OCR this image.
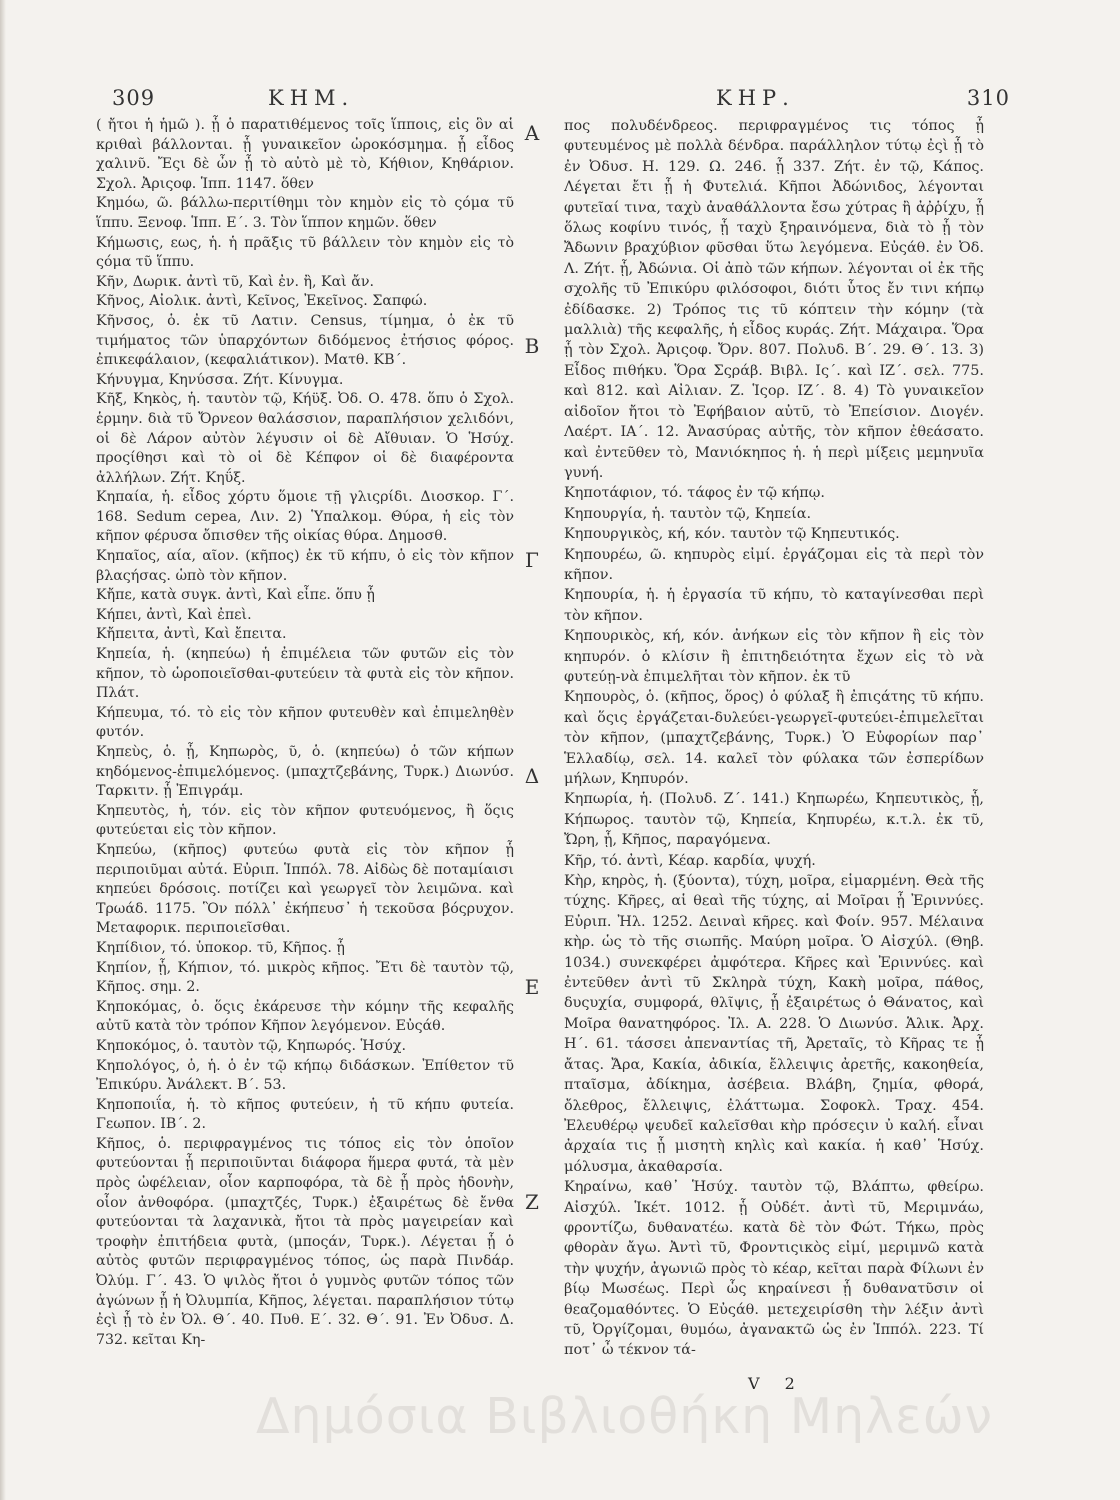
309	ΚΗΜ.	ΚΗΡ.	310

( ἤτοι ἡ ἡμῶ ). ᾗ ὁ παρατιθέμενος τοῖς ἵπποις, εἰς ὃν αἱ κριθαὶ βάλλονται. ᾗ γυναικεῖον ὠροκόσμημα. ᾗ εἶδος χαλινῦ. Ἔςι δὲ ὦν ᾗ τὸ αὐτὸ μὲ τὸ, Κήθιον, Κηθάριον. Σχολ. Ἀριςοφ. Ἱππ. 1147. ὅθεν

Κημόω, ῶ. βάλλω-περιτίθημι τὸν κημὸν εἰς τὸ ςόμα τῦ ἵππυ. Ξενοφ. Ἱππ. Ε΄. 3. Τὸν ἵππον κημῶν. ὅθεν

Κήμωσις, εως, ἡ. ἡ πρᾶξις τῦ βάλλειν τὸν κημὸν εἰς τὸ ςόμα τῦ ἵππυ.

Κῆν, Δωρικ. ἀντὶ τῦ, Καὶ ἐν. ἢ, Καὶ ἄν.

Κῆνος, Αἰολικ. ἀντὶ, Κεῖνος, Ἐκεῖνος. Σαπφώ.

Κῆνσος, ὁ. ἐκ τῦ Λατιν. Census, τίμημα, ὁ ἐκ τῦ τιμήματος τῶν ὑπαρχόντων διδόμενος ἐτήσιος φόρος. ἐπικεφάλαιον, (κεφαλιάτικον). Ματθ. ΚΒ΄.

Κήνυγμα, Κηνύσσα. Ζήτ. Κίνυγμα.

Κῆξ, Κηκὸς, ἡ. ταυτὸν τῷ, Κήϋξ. Ὀδ. Ο. 478. ὅπυ ὁ Σχολ. ἑρμην. διὰ τῦ Ὄρνεον θαλάσσιον, παραπλήσιον χελιδόνι, οἱ δὲ Λάρον αὐτὸν λέγυσιν οἱ δὲ Αἴθυιαν. Ὁ Ἡσύχ. προςίθησι καὶ τὸ οἱ δὲ Κέπφον οἱ δὲ διαφέροντα ἀλλήλων. Ζήτ. Κηΰξ.

Κηπαία, ἡ. εἶδος χόρτυ ὅμοιε τῇ γλιςρίδι. Διοσκορ. Γ΄. 168. Sedum cepea, Λιν. 2) Ὑπαλκομ. Θύρα, ἡ εἰς τὸν κῆπον φέρυσα ὄπισθεν τῆς οἰκίας θύρα. Δημοσθ.

Κηπαῖος, αία, αῖον. (κῆπος) ἐκ τῦ κήπυ, ὁ εἰς τὸν κῆπον βλαςήσας. ὡπὸ τὸν κῆπον.

Κἤπε, κατὰ συγκ. ἀντὶ, Καὶ εἶπε. ὅπυ ᾗ

Κήπει, ἀντὶ, Καὶ ἐπεὶ.

Κἤπειτα, ἀντὶ, Καὶ ἔπειτα.

Κηπεία, ἡ. (κηπεύω) ἡ ἐπιμέλεια τῶν φυτῶν εἰς τὸν κῆπον, τὸ ὡροποιεῖσθαι-φυτεύειν τὰ φυτὰ εἰς τὸν κῆπον. Πλάτ.

Κήπευμα, τό. τὸ εἰς τὸν κῆπον φυτευθὲν καὶ ἐπιμεληθὲν φυτόν.

Κηπεὺς, ὁ. ᾗ, Κηπωρὸς, ῦ, ὁ. (κηπεύω) ὁ τῶν κήπων κηδόμενος-ἐπιμελόμενος. (μπαχτζεβάνης, Τυρκ.) Διωνύσ. Ταρκιτν. ᾗ Ἐπιγράμ.

Κηπευτὸς, ἡ, τόν. εἰς τὸν κῆπον φυτευόμενος, ἢ ὅςις φυτεύεται εἰς τὸν κῆπον.

Κηπεύω, (κῆπος) φυτεύω φυτὰ εἰς τὸν κῆπον ᾗ περιποιῦμαι αὐτά. Εὐριπ. Ἱππόλ. 78. Αἰδὼς δὲ ποταμίαισι κηπεύει δρόσοις. ποτίζει καὶ γεωργεῖ τὸν λειμῶνα. καὶ Τρωάδ. 1175. Ὃν πόλλ᾽ ἐκήπευσ᾽ ἡ τεκοῦσα βόςρυχον. Μεταφορικ. περιποιεῖσθαι.

Κηπίδιον, τό. ὑποκορ. τῦ, Κῆπος. ᾗ

Κηπίον, ᾗ, Κήπιον, τό. μικρὸς κῆπος. Ἔτι δὲ ταυτὸν τῷ, Κῆπος. σημ. 2.

Κηποκόμας, ὁ. ὅςις ἐκάρευσε τὴν κόμην τῆς κεφαλῆς αὐτῦ κατὰ τὸν τρόπον Κῆπον λεγόμενον. Εὐςάθ.

Κηποκόμος, ὁ. ταυτὸν τῷ, Κηπωρός. Ἡσύχ.

Κηπολόγος, ὁ, ἡ. ὁ ἐν τῷ κήπῳ διδάσκων. Ἐπίθετον τῦ Ἐπικύρυ. Ἀνάλεκτ. Β΄. 53.

Κηποποιΐα, ἡ. τὸ κῆπος φυτεύειν, ἡ τῦ κήπυ φυτεία. Γεωπον. ΙΒ΄. 2.

Κῆπος, ὁ. περιφραγμένος τις τόπος εἰς τὸν ὁποῖον φυτεύονται ᾗ περιποιῦνται διάφορα ἥμερα φυτά, τὰ μὲν πρὸς ὠφέλειαν, οἷον καρποφόρα, τὰ δὲ ᾗ πρὸς ἡδονὴν, οἷον ἀνθοφόρα. (μπαχτζές, Τυρκ.) ἐξαιρέτως δὲ ἔνθα φυτεύονται τὰ λαχανικὰ, ἤτοι τὰ πρὸς μαγειρείαν καὶ τροφὴν ἐπιτήδεια φυτὰ, (μποςάν, Τυρκ.). Λέγεται ᾗ ὁ αὐτὸς φυτῶν περιφραγμένος τόπος, ὡς παρὰ Πινδάρ. Ὀλύμ. Γ΄. 43. Ὁ ψιλὸς ἤτοι ὁ γυμνὸς φυτῶν τόπος τῶν ἀγώνων ᾗ ἡ Ὀλυμπία, Κῆπος, λέγεται. παραπλήσιον τύτῳ ἐςὶ ᾗ τὸ ἐν Ὀλ. Θ΄. 40. Πυθ. Ε΄. 32. Θ΄. 91. Ἐν Ὀδυσ. Δ. 732. κεῖται Κη-

πος πολυδένδρεος. περιφραγμένος τις τόπος ᾗ φυτευμένος μὲ πολλὰ δένδρα. παράλληλον τύτῳ ἐςὶ ᾗ τὸ ἐν Ὀδυσ. Η. 129. Ω. 246. ᾗ 337. Ζήτ. ἐν τῷ, Κάπος. Λέγεται ἔτι ᾗ ἡ Φυτελιά. Κῆποι Ἀδώνιδος, λέγονται φυτεῖαί τινα, ταχὺ ἀναθάλλοντα ἔσω χύτρας ἢ ἀῤῥίχυ, ᾗ ὅλως κοφίνυ τινός, ᾗ ταχὺ ξηραινόμενα, διὰ τὸ ᾗ τὸν Ἄδωνιν βραχύβιον φῦσθαι ὕτω λεγόμενα. Εὐςάθ. ἐν Ὀδ. Λ. Ζήτ. ᾗ, Ἀδώνια. Οἱ ἀπὸ τῶν κήπων. λέγονται οἱ ἐκ τῆς σχολῆς τῦ Ἐπικύρυ φιλόσοφοι, διότι ὗτος ἔν τινι κήπῳ ἐδίδασκε. 2) Τρόπος τις τῦ κόπτειν τὴν κόμην (τὰ μαλλιὰ) τῆς κεφαλῆς, ἡ εἶδος κυράς. Ζήτ. Μάχαιρα. Ὅρα ᾗ τὸν Σχολ. Ἀριςοφ. Ὄρν. 807. Πολυδ. Β΄. 29. Θ΄. 13. 3) Εἶδος πιθήκυ. Ὅρα Σςράβ. Βιβλ. Ις΄. καὶ ΙΖ΄. σελ. 775. καὶ 812. καὶ Αἰλιαν. Ζ. Ἱςορ. ΙΖ΄. 8. 4) Τὸ γυναικεῖον αἰδοῖον ἤτοι τὸ Ἐφήβαιον αὐτῦ, τὸ Ἐπείσιον. Διογέν. Λαέρτ. ΙΑ΄. 12. Ἀνασύρας αὐτῆς, τὸν κῆπον ἐθεάσατο. καὶ ἐντεῦθεν τὸ, Μανιόκηπος ἡ. ἡ περὶ μίξεις μεμηνυῖα γυνή.

Κηποτάφιον, τό. τάφος ἐν τῷ κήπῳ.

Κηπουργία, ἡ. ταυτὸν τῷ, Κηπεία.

Κηπουργικὸς, κή, κόν. ταυτὸν τῷ Κηπευτικός.

Κηπουρέω, ῶ. κηπυρὸς εἰμί. ἐργάζομαι εἰς τὰ περὶ τὸν κῆπον.

Κηπουρία, ἡ. ἡ ἐργασία τῦ κήπυ, τὸ καταγίνεσθαι περὶ τὸν κῆπον.

Κηπουρικὸς, κή, κόν. ἀνήκων εἰς τὸν κῆπον ἢ εἰς τὸν κηπυρόν. ὁ κλίσιν ἢ ἐπιτηδειότητα ἔχων εἰς τὸ νὰ φυτεύῃ-νὰ ἐπιμελῆται τὸν κῆπον. ἐκ τῦ

Κηπουρὸς, ὁ. (κῆπος, ὅρος) ὁ φύλαξ ἢ ἐπιςάτης τῦ κήπυ. καὶ ὅςις ἐργάζεται-δυλεύει-γεωργεῖ-φυτεύει-ἐπιμελεῖται τὸν κῆπον, (μπαχτζεβάνης, Τυρκ.) Ὁ Εὐφορίων παρ᾽ Ἑλλαδίῳ, σελ. 14. καλεῖ τὸν φύλακα τῶν ἐσπερίδων μήλων, Κηπυρόν.

Κηπωρία, ἡ. (Πολυδ. Ζ΄. 141.) Κηπωρέω, Κηπευτικὸς, ᾗ, Κήπωρος. ταυτὸν τῷ, Κηπεία, Κηπυρέω, κ.τ.λ. ἐκ τῦ, Ὤρη, ᾗ, Κῆπος, παραγόμενα.

Κῆρ, τό. ἀντὶ, Κέαρ. καρδία, ψυχή.

Κὴρ, κηρὸς, ἡ. (ξύοντα), τύχη, μοῖρα, εἱμαρμένη. Θεὰ τῆς τύχης. Κῆρες, αἱ θεαὶ τῆς τύχης, αἱ Μοῖραι ᾗ Ἐριννύες. Εὐριπ. Ἠλ. 1252. Δειναὶ κῆρες. καὶ Φοίν. 957. Μέλαινα κὴρ. ὡς τὸ τῆς σιωπῆς. Μαύρη μοῖρα. Ὁ Αἰσχύλ. (Θηβ. 1034.) συνεκφέρει ἀμφότερα. Κῆρες καὶ Ἐριννύες. καὶ ἐντεῦθεν ἀντὶ τῦ Σκληρὰ τύχη, Κακὴ μοῖρα, πάθος, δυςυχία, συμφορά, θλῖψις, ᾗ ἐξαιρέτως ὁ Θάνατος, καὶ Μοῖρα θανατηφόρος. Ἰλ. Α. 228. Ὁ Διωνύσ. Ἁλικ. Ἀρχ. Η΄. 61. τάσσει ἀπεναντίας τῆ, Ἀρεταῖς, τὸ Κῆρας τε ᾗ ἄτας. Ἄρα, Κακία, ἀδικία, ἔλλειψις ἀρετῆς, κακοηθεία, πταῖσμα, ἀδίκημα, ἀσέβεια. Βλάβη, ζημία, φθορά, ὄλεθρος, ἔλλειψις, ἐλάττωμα. Σοφοκλ. Τραχ. 454. Ἐλευθέρῳ ψευδεῖ καλεῖσθαι κὴρ πρόσεςιν ὐ καλή. εἶναι ἀρχαία τις ᾗ μισητὴ κηλὶς καὶ κακία. ἡ καθ᾽ Ἡσύχ. μόλυσμα, ἀκαθαρσία.

Κηραίνω, καθ᾽ Ἡσύχ. ταυτὸν τῷ, Βλάπτω, φθείρω. Αἰσχύλ. Ἱκέτ. 1012. ᾗ Οὐδέτ. ἀντὶ τῦ, Μεριμνάω, φροντίζω, δυθανατέω. κατὰ δὲ τὸν Φώτ. Τήκω, πρὸς φθορὰν ἄγω. Ἀντὶ τῦ, Φροντιςικὸς εἰμί, μεριμνῶ κατὰ τὴν ψυχήν, ἀγωνιῶ πρὸς τὸ κέαρ, κεῖται παρὰ Φίλωνι ἐν βίῳ Μωσέως. Περὶ ὧς κηραίνεσι ᾗ δυθανατῦσιν οἱ θεαζομαθόντες. Ὁ Εὐςάθ. μετεχειρίσθη τὴν λέξιν ἀντὶ τῦ, Ὀργίζομαι, θυμόω, ἀγανακτῶ ὡς ἐν Ἱππόλ. 223. Τί ποτ᾽ ὦ τέκνον τά-

Α
Β
Γ
Δ
Ε
Ζ
V 2
Δημόσια Βιβλιοθήκη Μηλεών
